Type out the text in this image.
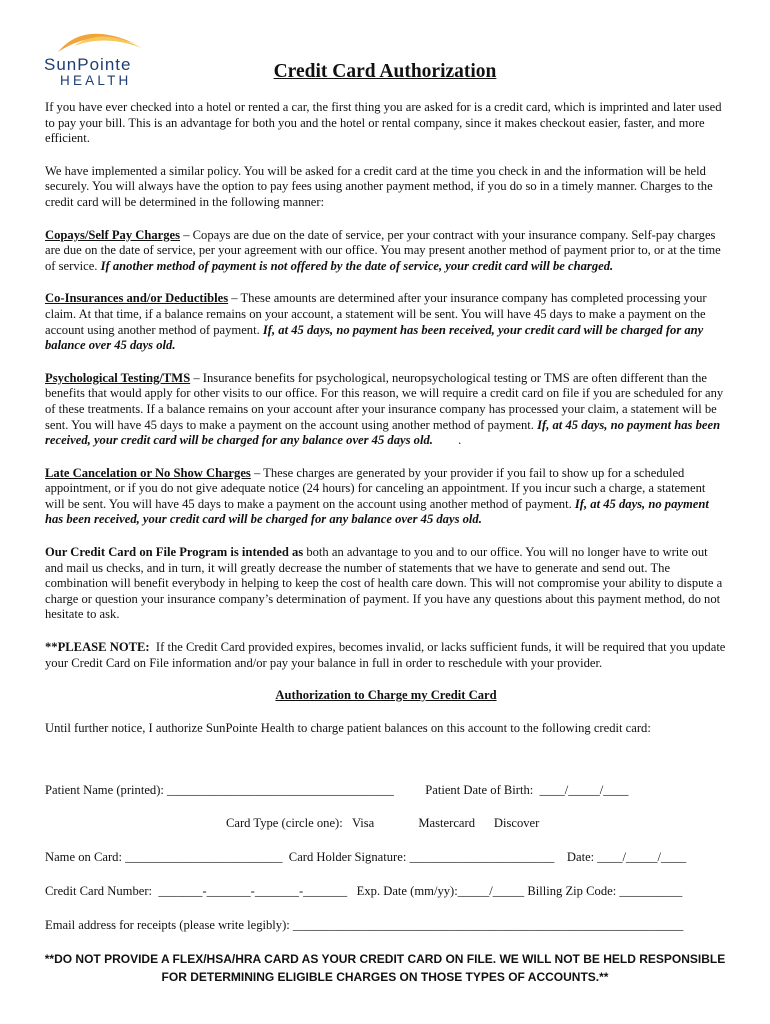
SunPointe
HEALTH	Credit Card Authorization

If you have ever checked into a hotel or rented a car, the first thing you are asked for is a credit card, which is imprinted and later used to pay your bill. This is an advantage for both you and the hotel or rental company, since it makes checkout easier, faster, and more efficient.

We have implemented a similar policy. You will be asked for a credit card at the time you check in and the information will be held securely. You will always have the option to pay fees using another payment method, if you do so in a timely manner. Charges to the credit card will be determined in the following manner:

Copays/Self Pay Charges – Copays are due on the date of service, per your contract with your insurance company. Self-pay charges are due on the date of service, per your agreement with our office. You may present another method of payment prior to, or at the time of service. If another method of payment is not offered by the date of service, your credit card will be charged.

Co-Insurances and/or Deductibles – These amounts are determined after your insurance company has completed processing your claim. At that time, if a balance remains on your account, a statement will be sent. You will have 45 days to make a payment on the account using another method of payment. If, at 45 days, no payment has been received, your credit card will be charged for any balance over 45 days old.

Psychological Testing/TMS – Insurance benefits for psychological, neuropsychological testing or TMS are often different than the benefits that would apply for other visits to our office. For this reason, we will require a credit card on file if you are scheduled for any of these treatments. If a balance remains on your account after your insurance company has processed your claim, a statement will be sent. You will have 45 days to make a payment on the account using another method of payment. If, at 45 days, no payment has been received, your credit card will be charged for any balance over 45 days old.        .

Late Cancelation or No Show Charges – These charges are generated by your provider if you fail to show up for a scheduled appointment, or if you do not give adequate notice (24 hours) for canceling an appointment. If you incur such a charge, a statement will be sent. You will have 45 days to make a payment on the account using another method of payment. If, at 45 days, no payment has been received, your credit card will be charged for any balance over 45 days old.

Our Credit Card on File Program is intended as both an advantage to you and to our office. You will no longer have to write out and mail us checks, and in turn, it will greatly decrease the number of statements that we have to generate and send out. The combination will benefit everybody in helping to keep the cost of health care down. This will not compromise your ability to dispute a charge or question your insurance company’s determination of payment. If you have any questions about this payment method, do not hesitate to ask.

**PLEASE NOTE:  If the Credit Card provided expires, becomes invalid, or lacks sufficient funds, it will be required that you update your Credit Card on File information and/or pay your balance in full in order to reschedule with your provider.

Authorization to Charge my Credit Card

Until further notice, I authorize SunPointe Health to charge patient balances on this account to the following credit card:

Patient Name (printed): ____________________________________          Patient Date of Birth:  ____/_____/____
Card Type (circle one):   Visa              Mastercard      Discover
Name on Card: _________________________  Card Holder Signature: _______________________    Date: ____/_____/____
Credit Card Number:  _______-_______-_______-_______   Exp. Date (mm/yy):_____/_____ Billing Zip Code: __________
Email address for receipts (please write legibly): ______________________________________________________________
**DO NOT PROVIDE A FLEX/HSA/HRA CARD AS YOUR CREDIT CARD ON FILE. WE WILL NOT BE HELD RESPONSIBLE
FOR DETERMINING ELIGIBLE CHARGES ON THOSE TYPES OF ACCOUNTS.**
